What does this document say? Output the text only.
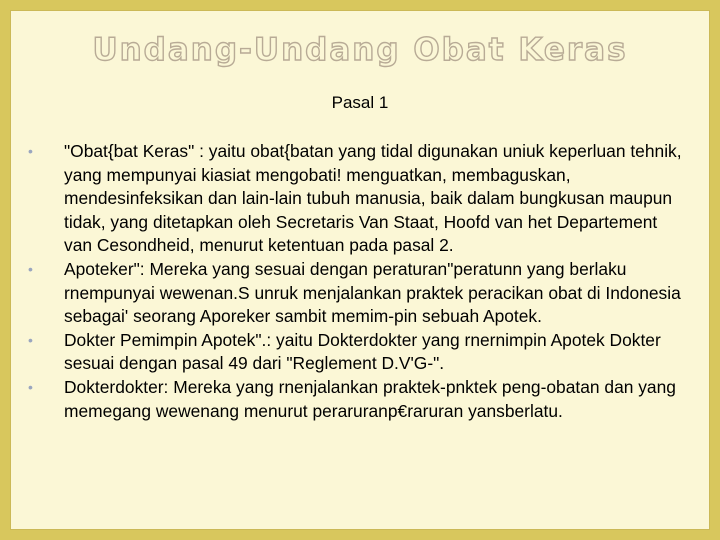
Undang-Undang Obat Keras
Pasal 1
•	"Obat{bat Keras" : yaitu obat{batan yang tidal digunakan uniuk keperluan tehnik, yang mempunyai kiasiat mengobati! menguatkan, membaguskan, mendesinfeksikan dan lain-lain tubuh manusia, baik dalam bungkusan maupun tidak, yang ditetapkan oleh Secretaris Van Staat, Hoofd van het Departement van Cesondheid, menurut ketentuan pada pasal 2.
•	Apoteker": Mereka yang sesuai dengan peraturan"peratunn yang berlaku rnempunyai wewenan.S unruk menjalankan praktek peracikan obat di Indonesia sebagai' seorang Aporeker sambit memim-pin sebuah Apotek.
•	Dokter Pemimpin Apotek".: yaitu Dokterdokter yang rnernimpin Apotek Dokter sesuai dengan pasal 49 dari "Reglement D.V'G-".
•	Dokterdokter: Mereka yang rnenjalankan praktek-pnktek peng-obatan dan yang memegang wewenang menurut peraruranp€raruran yansberlatu.
